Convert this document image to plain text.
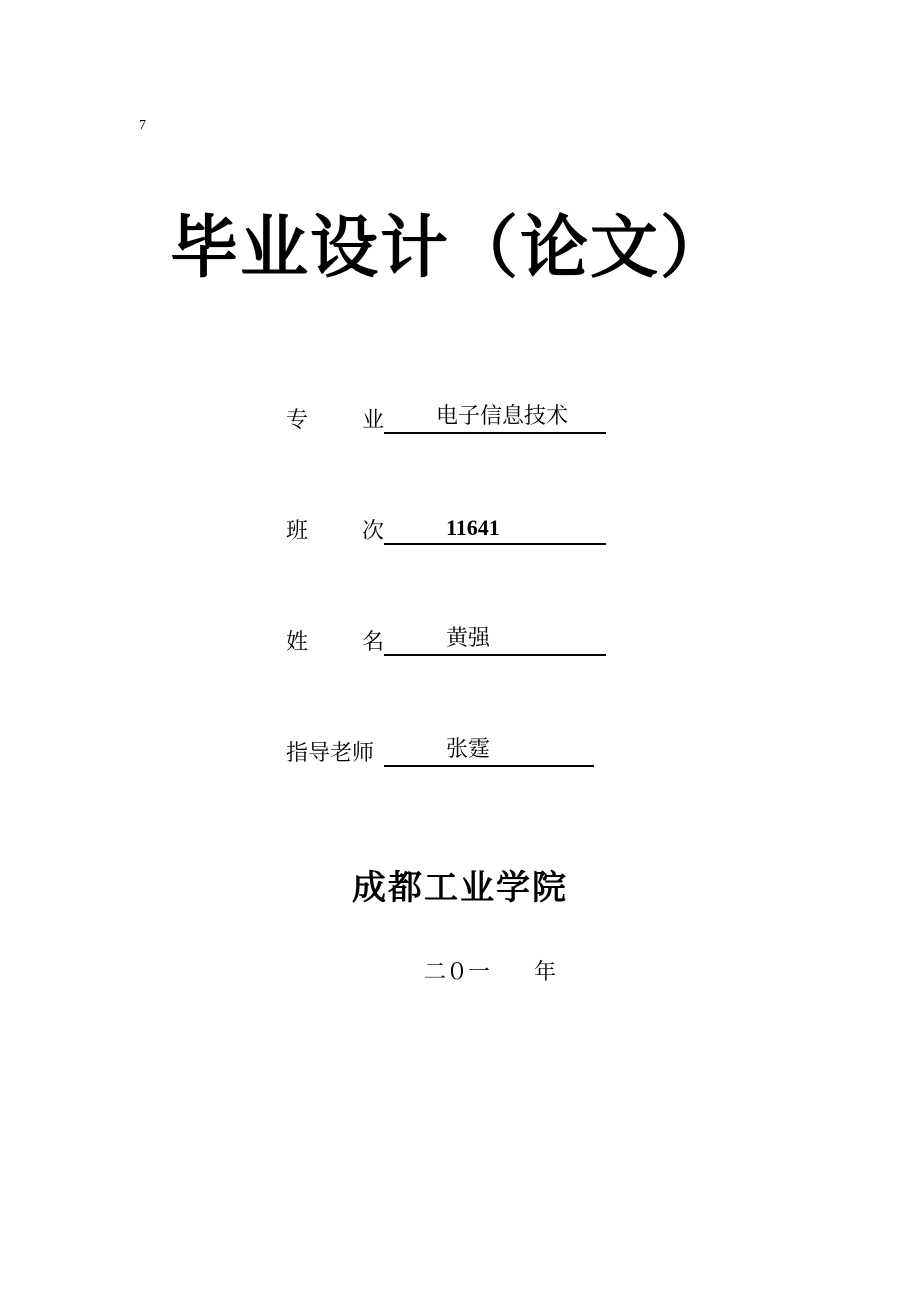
7
毕业设计（论文）
专 业 电子信息技术
班 次	11641
姓 名	黄强
指导老师	张霆
成都工业学院
二０一　　年
